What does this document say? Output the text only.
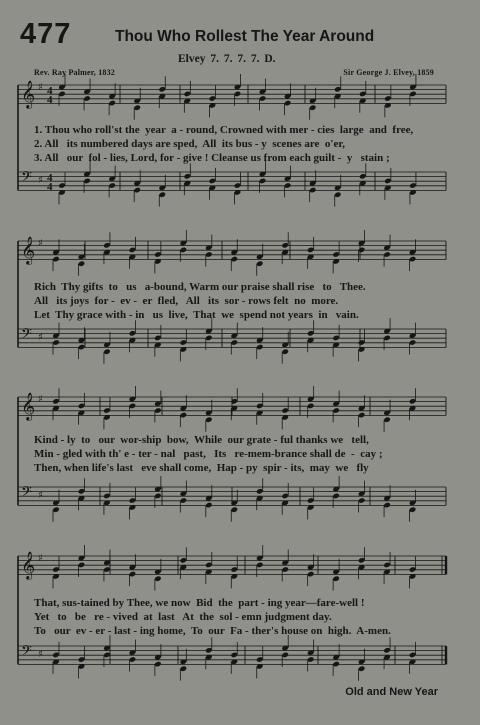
477	Thou Who Rollest The Year Around
Elvey 7. 7. 7. 7. D.
Rev. Ray Palmer, 1832	Sir George J. Elvey, 1859
𝄞 ♯ 4
4
𝄢 ♯ 4
4
𝄞 ♯
𝄢 ♯
𝄞 ♯
𝄢 ♯
𝄞 ♯
𝄢 ♯
1. Thou who roll'st the  year  a - round, Crowned with mer - cies  large  and  free,
2. All   its numbered days are sped,  All  its bus - y  scenes are  o'er,
3. All   our  fol - lies, Lord, for - give ! Cleanse us from each guilt -  y   stain ;
Rich  Thy gifts  to   us   a-bound, Warm our praise shall rise   to   Thee.
All   its joys  for -  ev -  er  fled,   All   its  sor - rows felt  no  more.
Let  Thy grace with - in   us  live,  That  we  spend not years  in   vain.
Kind - ly  to   our  wor-ship  bow,  While  our grate - ful thanks we   tell,
Min - gled with th' e - ter - nal   past,   Its   re-mem-brance shall de  -  cay ;
Then, when life's last   eve shall come,  Hap - py  spir - its,  may  we   fly
That, sus-tained by Thee, we now  Bid  the  part - ing year—fare-well !
Yet   to   be   re - vived  at  last   At  the  sol - emn judgment day.
To   our  ev - er - last - ing home,  To  our  Fa - ther's house on  high.  A-men.
Old and New Year
